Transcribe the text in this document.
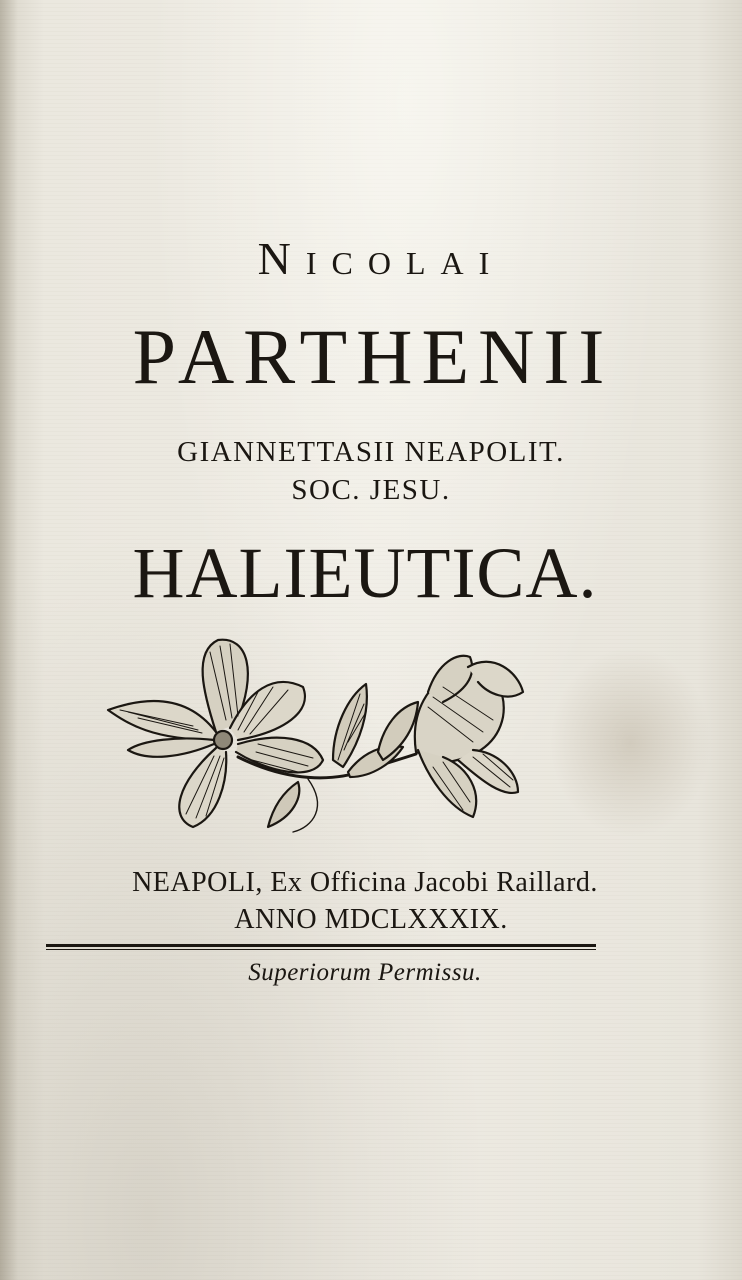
Nicolai
PARTHENII
GIANNETTASII NEAPOLIT.
SOC. JESU.
HALIEUTICA.
NEAPOLI, Ex Officina Jacobi Raillard.
ANNO MDCLXXXIX.
Superiorum Permissu.
